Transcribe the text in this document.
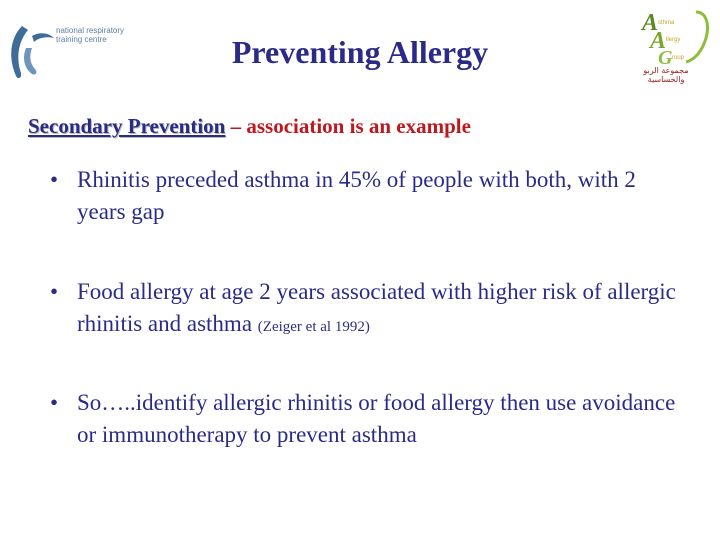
national respiratory training centre	Preventing Allergy
A sthma
A llergy
G roup
مجموعة الربو والحساسية
Secondary Prevention – association is an example
• Rhinitis preceded asthma in 45% of people with both, with 2 years gap
• Food allergy at age 2 years associated with higher risk of allergic rhinitis and asthma (Zeiger et al 1992)
• So…..identify allergic rhinitis or food allergy then use avoidance or immunotherapy to prevent asthma
